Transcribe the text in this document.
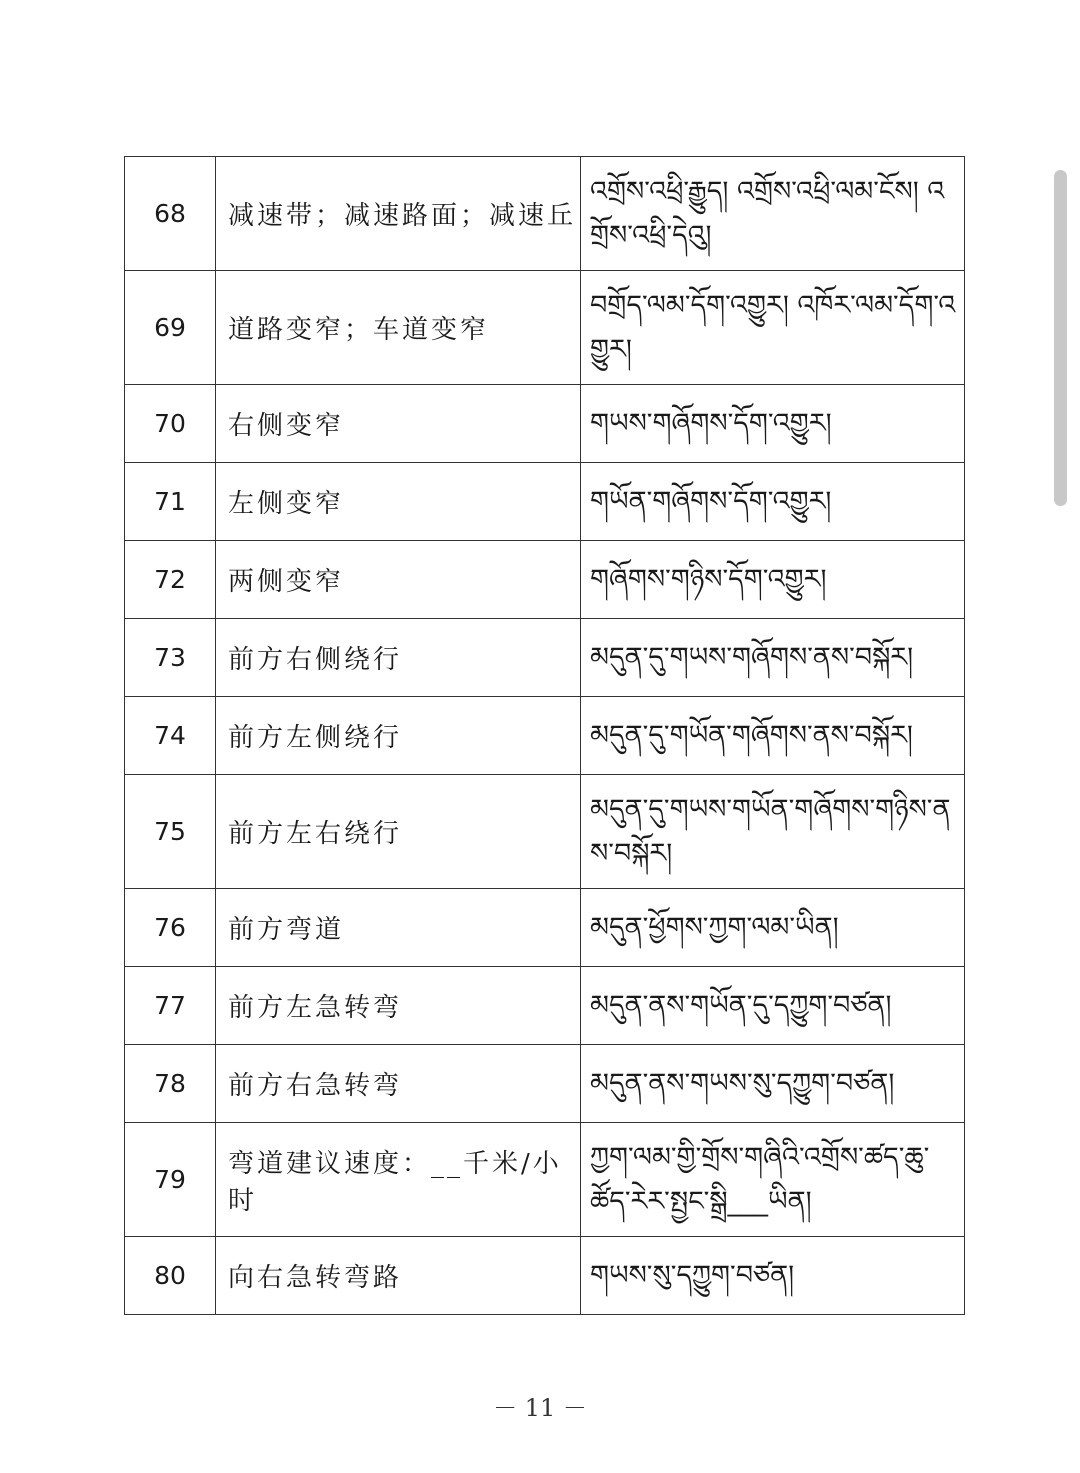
68	减速带；减速路面；减速丘	འགྲོས་འཕྲི་རྒྱུད། འགྲོས་འཕྲི་ལམ་ངོས། འགྲོས་འཕྲི་དེའུ།
69	道路变窄；车道变窄	བགྲོད་ལམ་དོག་འགྱུར། འཁོར་ལམ་དོག་འགྱུར།
70	右侧变窄	གཡས་གཞོགས་དོག་འགྱུར།
71	左侧变窄	གཡོན་གཞོགས་དོག་འགྱུར།
72	两侧变窄	གཞོགས་གཉིས་དོག་འགྱུར།
73	前方右侧绕行	མདུན་དུ་གཡས་གཞོགས་ནས་བསྐོར།
74	前方左侧绕行	མདུན་དུ་གཡོན་གཞོགས་ནས་བསྐོར།
75	前方左右绕行	མདུན་དུ་གཡས་གཡོན་གཞོགས་གཉིས་ནས་བསྐོར།
76	前方弯道	མདུན་ཕྱོགས་ཀྱག་ལམ་ཡིན།
77	前方左急转弯	མདུན་ནས་གཡོན་དུ་དཀྱུག་བཙན།
78	前方右急转弯	མདུན་ནས་གཡས་སུ་དཀྱུག་བཙན།
79	弯道建议速度：__千米/小时	ཀྱག་ལམ་གྱི་གྲོས་གཞིའི་འགྲོས་ཚད་ཆུ་ཚོད་རེར་སྤྱང་སྒྲི___ཡིན།
80	向右急转弯路	གཡས་སུ་དཀྱུག་བཙན།
－ 11 －
